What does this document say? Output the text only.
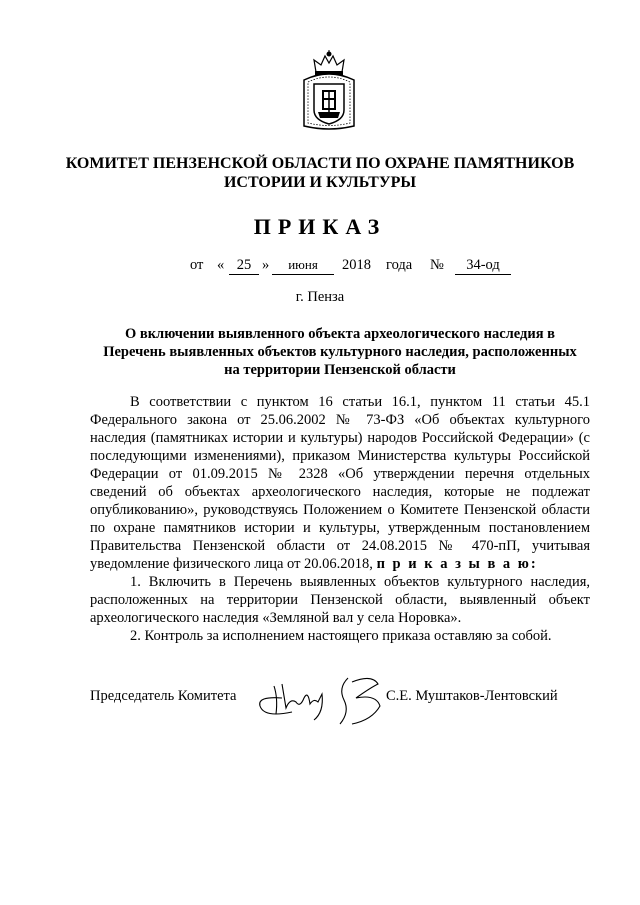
КОМИТЕТ ПЕНЗЕНСКОЙ ОБЛАСТИ ПО ОХРАНЕ ПАМЯТНИКОВ
ИСТОРИИ И КУЛЬТУРЫ
ПРИКАЗ
от « 25 »	июня	2018 года №	34-од
г. Пенза
О включении выявленного объекта археологического наследия в
Перечень выявленных объектов культурного наследия, расположенных
на территории Пензенской области

В соответствии с пунктом 16 статьи 16.1, пунктом 11 статьи 45.1 Федерального закона от 25.06.2002 № 73-ФЗ «Об объектах культурного наследия (памятниках истории и культуры) народов Российской Федерации» (с последующими изменениями), приказом Министерства культуры Российской Федерации от 01.09.2015 № 2328 «Об утверждении перечня отдельных сведений об объектах археологического наследия, которые не подлежат опубликованию», руководствуясь Положением о Комитете Пензенской области по охране памятников истории и культуры, утвержденным постановлением Правительства Пензенской области от 24.08.2015 № 470-пП, учитывая уведомление физического лица от 20.06.2018, п р и к а з ы в а ю:

1. Включить в Перечень выявленных объектов культурного наследия, расположенных на территории Пензенской области, выявленный объект археологического наследия «Земляной вал у села Норовка».

2. Контроль за исполнением настоящего приказа оставляю за собой.

Председатель Комитета	С.Е. Муштаков-Лентовский
